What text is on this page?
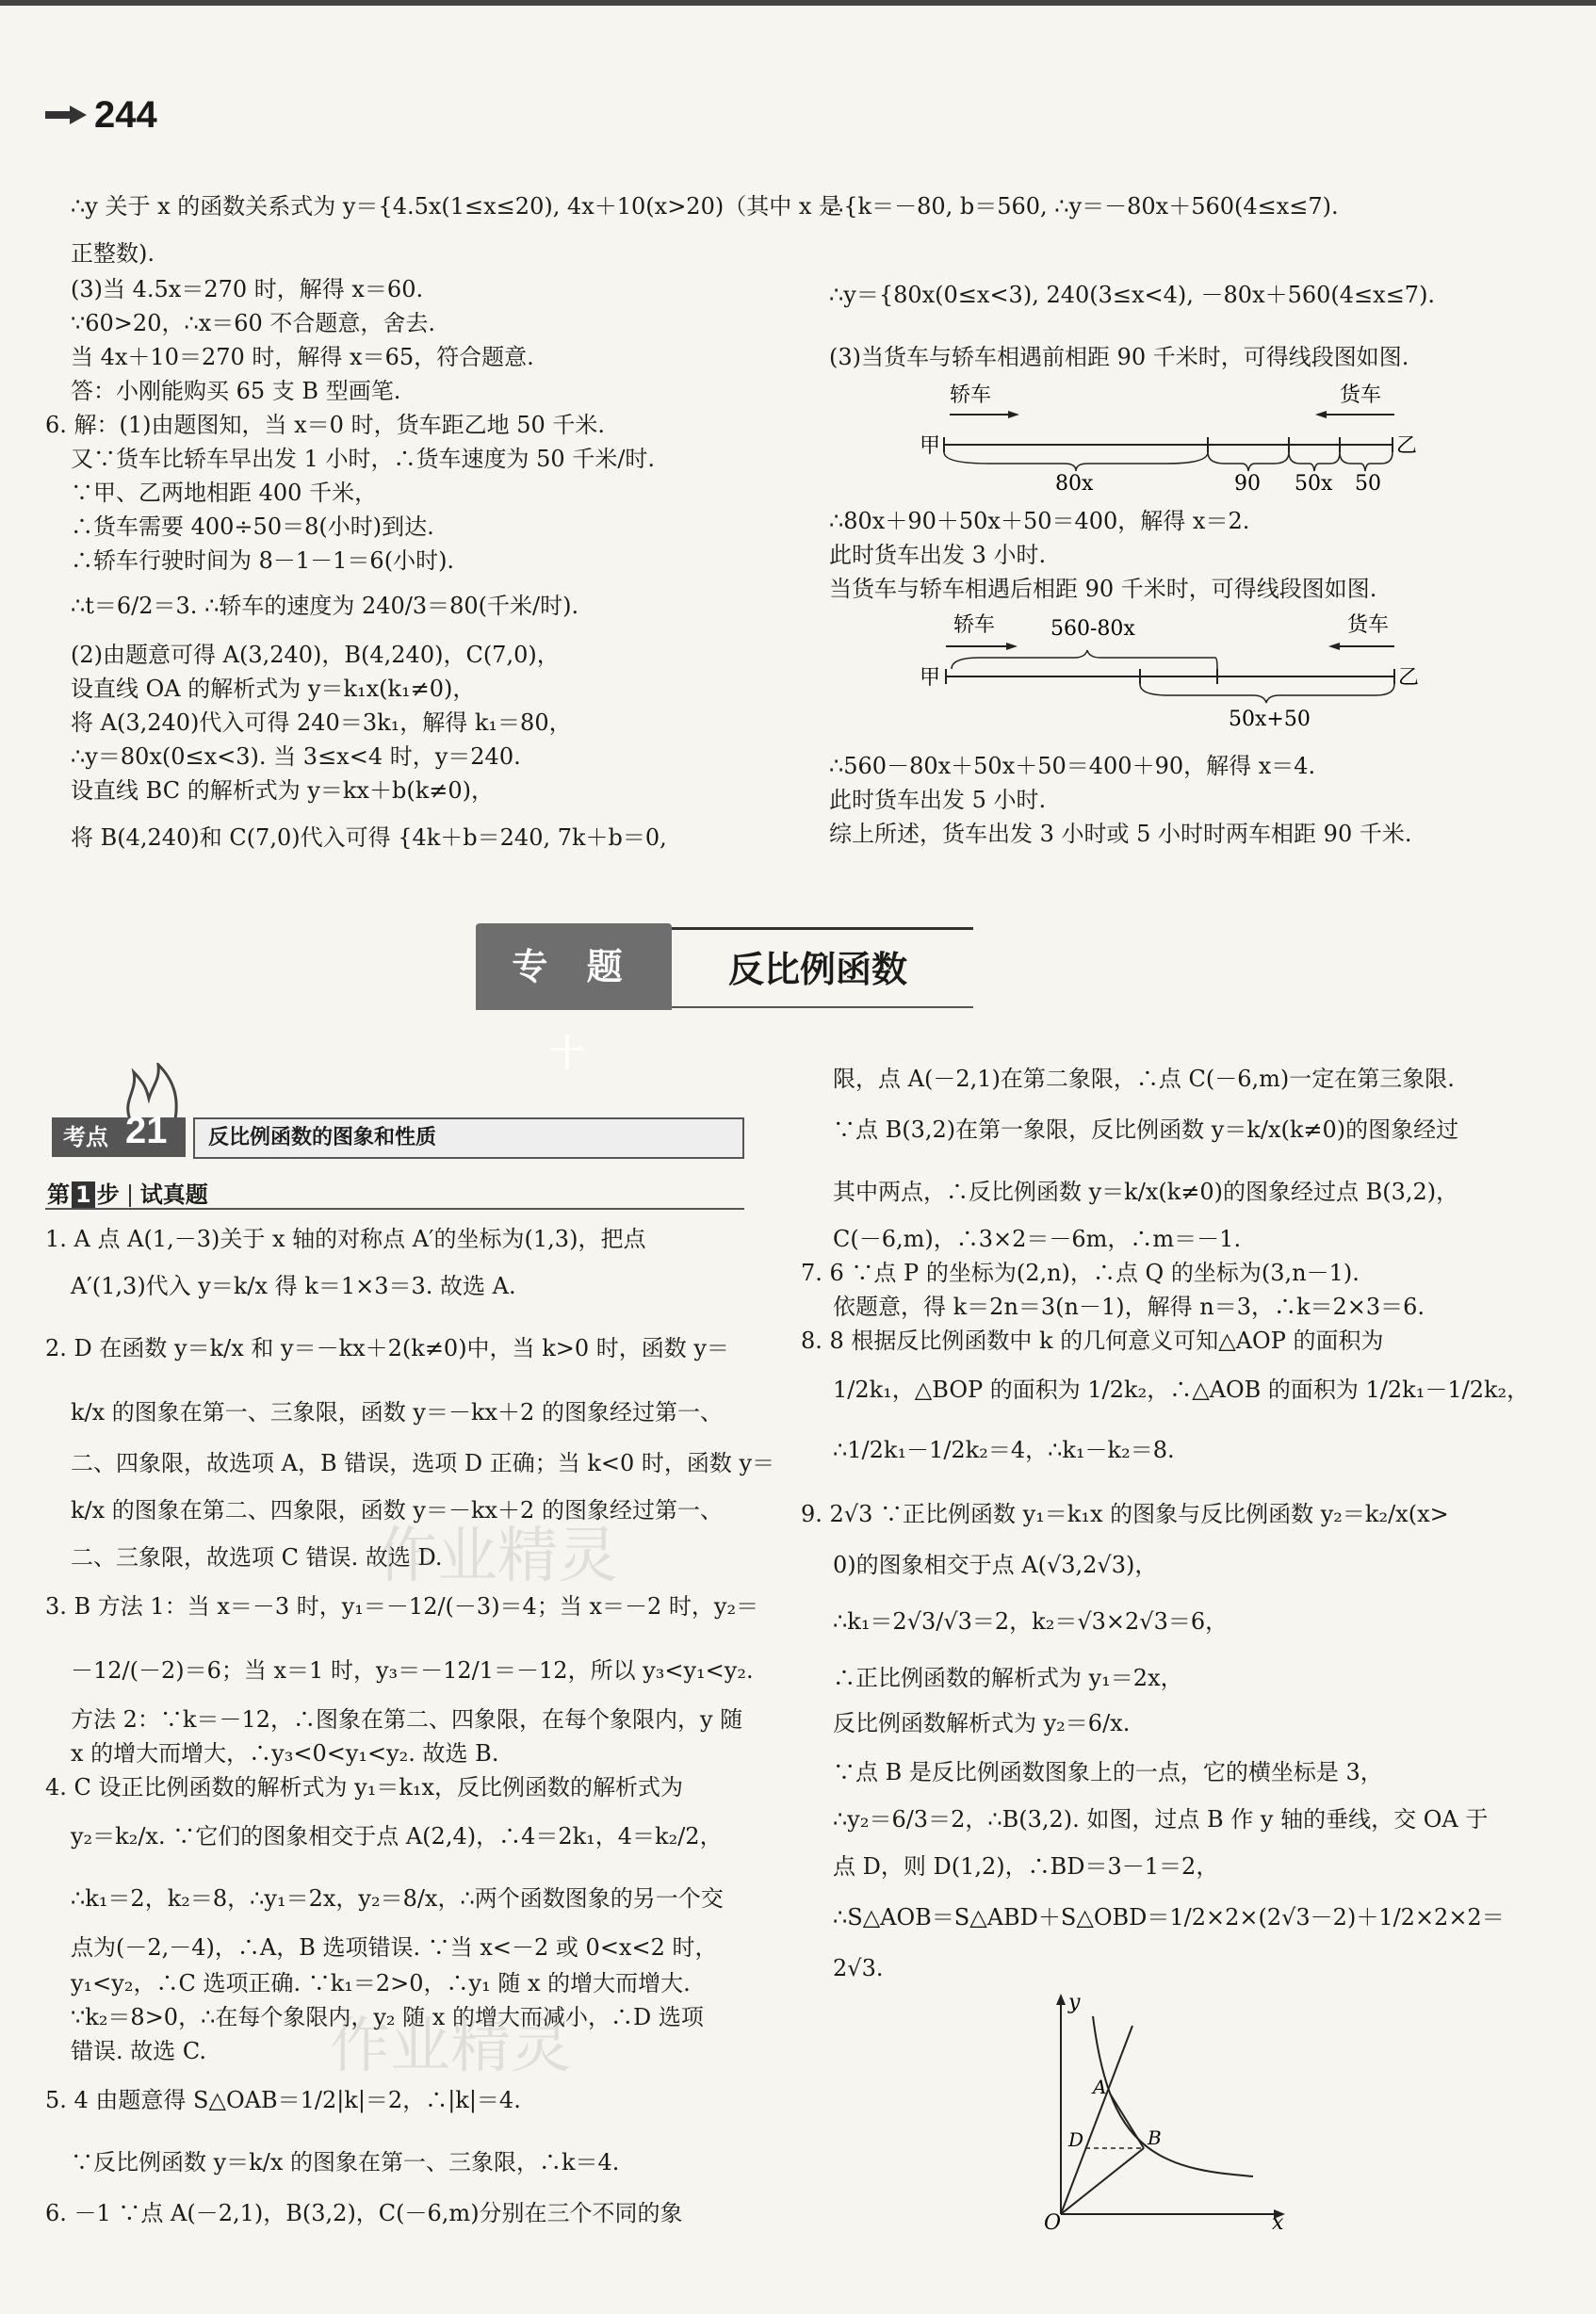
244
∴y 关于 x 的函数关系式为 y＝{4.5x(1≤x≤20), 4x＋10(x>20)（其中 x 是
正整数).
(3)当 4.5x＝270 时，解得 x＝60.
∵60>20，∴x＝60 不合题意，舍去.
当 4x＋10＝270 时，解得 x＝65，符合题意.
答：小刚能购买 65 支 B 型画笔.
6. 解：(1)由题图知，当 x＝0 时，货车距乙地 50 千米.
又∵货车比轿车早出发 1 小时，∴货车速度为 50 千米/时.
∵甲、乙两地相距 400 千米，
∴货车需要 400÷50＝8(小时)到达.
∴轿车行驶时间为 8－1－1＝6(小时).
∴t＝6/2＝3. ∴轿车的速度为 240/3＝80(千米/时).
(2)由题意可得 A(3,240)，B(4,240)，C(7,0)，
设直线 OA 的解析式为 y＝k₁x(k₁≠0)，
将 A(3,240)代入可得 240＝3k₁，解得 k₁＝80，
∴y＝80x(0≤x<3). 当 3≤x<4 时，y＝240.
设直线 BC 的解析式为 y＝kx＋b(k≠0)，
将 B(4,240)和 C(7,0)代入可得 {4k＋b＝240, 7k＋b＝0,
∴{k＝－80, b＝560, ∴y＝－80x＋560(4≤x≤7).
∴y＝{80x(0≤x<3), 240(3≤x<4), －80x＋560(4≤x≤7).
(3)当货车与轿车相遇前相距 90 千米时，可得线段图如图.
轿车	货车
甲	乙
80x	90 50x 50
∴80x＋90＋50x＋50＝400，解得 x＝2.
此时货车出发 3 小时.
当货车与轿车相遇后相距 90 千米时，可得线段图如图.
轿车	货车
560-80x
甲	乙
50x+50
∴560－80x＋50x＋50＝400＋90，解得 x＝4.
此时货车出发 5 小时.
综上所述，货车出发 3 小时或 5 小时时两车相距 90 千米.
专 题 十
反比例函数
考点 21	反比例函数的图象和性质
第 1 步 试真题
1. A 点 A(1,－3)关于 x 轴的对称点 A′的坐标为(1,3)，把点
A′(1,3)代入 y＝k/x 得 k＝1×3＝3. 故选 A.
2. D 在函数 y＝k/x 和 y＝－kx＋2(k≠0)中，当 k>0 时，函数 y＝
k/x 的图象在第一、三象限，函数 y＝－kx＋2 的图象经过第一、
二、四象限，故选项 A，B 错误，选项 D 正确；当 k<0 时，函数 y＝
k/x 的图象在第二、四象限，函数 y＝－kx＋2 的图象经过第一、
二、三象限，故选项 C 错误. 故选 D.
3. B 方法 1：当 x＝－3 时，y₁＝－12/(－3)＝4；当 x＝－2 时，y₂＝
－12/(－2)＝6；当 x＝1 时，y₃＝－12/1＝－12，所以 y₃<y₁<y₂.
方法 2：∵k＝－12，∴图象在第二、四象限，在每个象限内，y 随
x 的增大而增大，∴y₃<0<y₁<y₂. 故选 B.
4. C 设正比例函数的解析式为 y₁＝k₁x，反比例函数的解析式为
y₂＝k₂/x. ∵它们的图象相交于点 A(2,4)，∴4＝2k₁，4＝k₂/2，
∴k₁＝2，k₂＝8，∴y₁＝2x，y₂＝8/x，∴两个函数图象的另一个交
点为(－2,－4)，∴A，B 选项错误. ∵当 x<－2 或 0<x<2 时，
y₁<y₂，∴C 选项正确. ∵k₁＝2>0，∴y₁ 随 x 的增大而增大.
∵k₂＝8>0，∴在每个象限内，y₂ 随 x 的增大而减小，∴D 选项
错误. 故选 C.
5. 4 由题意得 S△OAB＝1/2|k|＝2，∴|k|＝4.
∵反比例函数 y＝k/x 的图象在第一、三象限，∴k＝4.
6. －1 ∵点 A(－2,1)，B(3,2)，C(－6,m)分别在三个不同的象
限，点 A(－2,1)在第二象限，∴点 C(－6,m)一定在第三象限.
∵点 B(3,2)在第一象限，反比例函数 y＝k/x(k≠0)的图象经过
其中两点，∴反比例函数 y＝k/x(k≠0)的图象经过点 B(3,2)，
C(－6,m)，∴3×2＝－6m，∴m＝－1.
7. 6 ∵点 P 的坐标为(2,n)，∴点 Q 的坐标为(3,n－1).
依题意，得 k＝2n＝3(n－1)，解得 n＝3，∴k＝2×3＝6.
8. 8 根据反比例函数中 k 的几何意义可知△AOP 的面积为
1/2k₁，△BOP 的面积为 1/2k₂，∴△AOB 的面积为 1/2k₁－1/2k₂，
∴1/2k₁－1/2k₂＝4，∴k₁－k₂＝8.
9. 2√3 ∵正比例函数 y₁＝k₁x 的图象与反比例函数 y₂＝k₂/x(x>
0)的图象相交于点 A(√3,2√3)，
∴k₁＝2√3/√3＝2，k₂＝√3×2√3＝6，
∴正比例函数的解析式为 y₁＝2x，
反比例函数解析式为 y₂＝6/x.
∵点 B 是反比例函数图象上的一点，它的横坐标是 3，
∴y₂＝6/3＝2，∴B(3,2). 如图，过点 B 作 y 轴的垂线，交 OA 于
点 D，则 D(1,2)，∴BD＝3－1＝2，
∴S△AOB＝S△ABD＋S△OBD＝1/2×2×(2√3－2)＋1/2×2×2＝
2√3.
y
x
O
A
B
D
作业精灵
作业精灵
